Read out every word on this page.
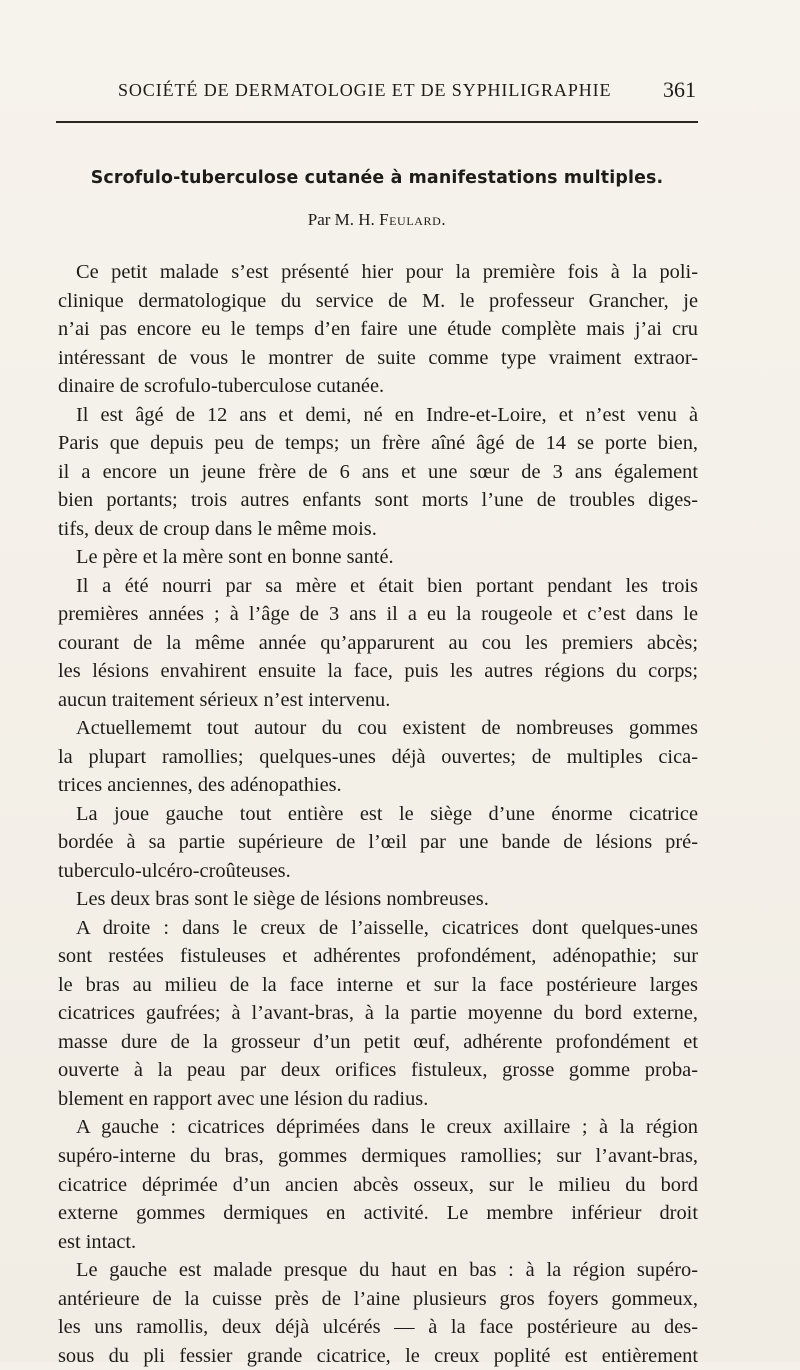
SOCIÉTÉ DE DERMATOLOGIE ET DE SYPHILIGRAPHIE 361
Scrofulo-tuberculose cutanée à manifestations multiples.
Par M. H. Feulard.
Ce petit malade s’est présenté hier pour la première fois à la poli-
clinique dermatologique du service de M. le professeur Grancher, je
n’ai pas encore eu le temps d’en faire une étude complète mais j’ai cru
intéressant de vous le montrer de suite comme type vraiment extraor-
dinaire de scrofulo-tuberculose cutanée.
Il est âgé de 12 ans et demi, né en Indre-et-Loire, et n’est venu à
Paris que depuis peu de temps; un frère aîné âgé de 14 se porte bien,
il a encore un jeune frère de 6 ans et une sœur de 3 ans également
bien portants; trois autres enfants sont morts l’une de troubles diges-
tifs, deux de croup dans le même mois.
Le père et la mère sont en bonne santé.
Il a été nourri par sa mère et était bien portant pendant les trois
premières années ; à l’âge de 3 ans il a eu la rougeole et c’est dans le
courant de la même année qu’apparurent au cou les premiers abcès;
les lésions envahirent ensuite la face, puis les autres régions du corps;
aucun traitement sérieux n’est intervenu.
Actuellememt tout autour du cou existent de nombreuses gommes
la plupart ramollies; quelques-unes déjà ouvertes; de multiples cica-
trices anciennes, des adénopathies.
La joue gauche tout entière est le siège d’une énorme cicatrice
bordée à sa partie supérieure de l’œil par une bande de lésions pré-
tuberculo-ulcéro-croûteuses.
Les deux bras sont le siège de lésions nombreuses.
A droite : dans le creux de l’aisselle, cicatrices dont quelques-unes
sont restées fistuleuses et adhérentes profondément, adénopathie; sur
le bras au milieu de la face interne et sur la face postérieure larges
cicatrices gaufrées; à l’avant-bras, à la partie moyenne du bord externe,
masse dure de la grosseur d’un petit œuf, adhérente profondément et
ouverte à la peau par deux orifices fistuleux, grosse gomme proba-
blement en rapport avec une lésion du radius.
A gauche : cicatrices déprimées dans le creux axillaire ; à la région
supéro-interne du bras, gommes dermiques ramollies; sur l’avant-bras,
cicatrice déprimée d’un ancien abcès osseux, sur le milieu du bord
externe gommes dermiques en activité. Le membre inférieur droit
est intact.
Le gauche est malade presque du haut en bas : à la région supéro-
antérieure de la cuisse près de l’aine plusieurs gros foyers gommeux,
les uns ramollis, deux déjà ulcérés — à la face postérieure au des-
sous du pli fessier grande cicatrice, le creux poplité est entièrement
